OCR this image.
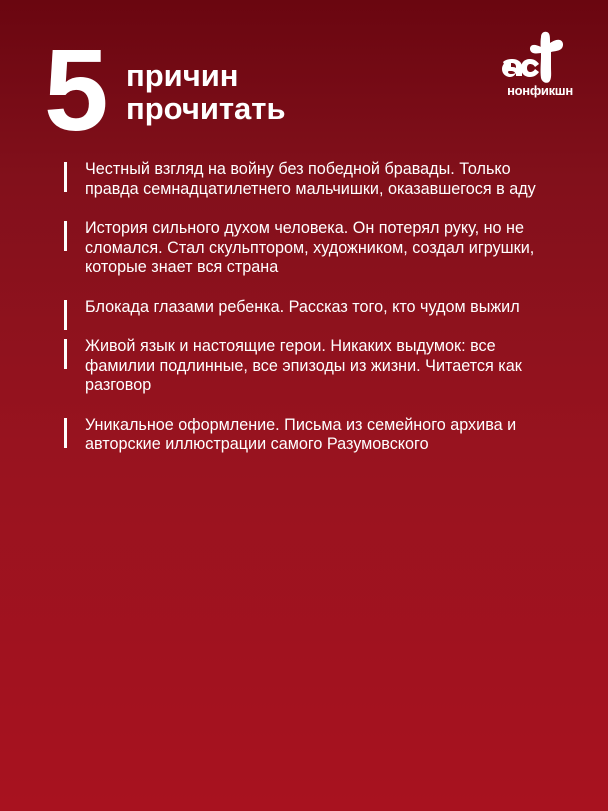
5 причин
прочитать
нонфикшн
Честный взгляд на войну без победной бравады. Только правда семнадцатилетнего мальчишки, оказавшегося в аду
История сильного духом человека. Он потерял руку, но не сломался. Стал скульптором, художником, создал игрушки, которые знает вся страна
Блокада глазами ребенка. Рассказ того, кто чудом выжил
Живой язык и настоящие герои. Никаких выдумок: все фамилии подлинные, все эпизоды из жизни. Читается как разговор
Уникальное оформление. Письма из семейного архива и авторские иллюстрации самого Разумовского
